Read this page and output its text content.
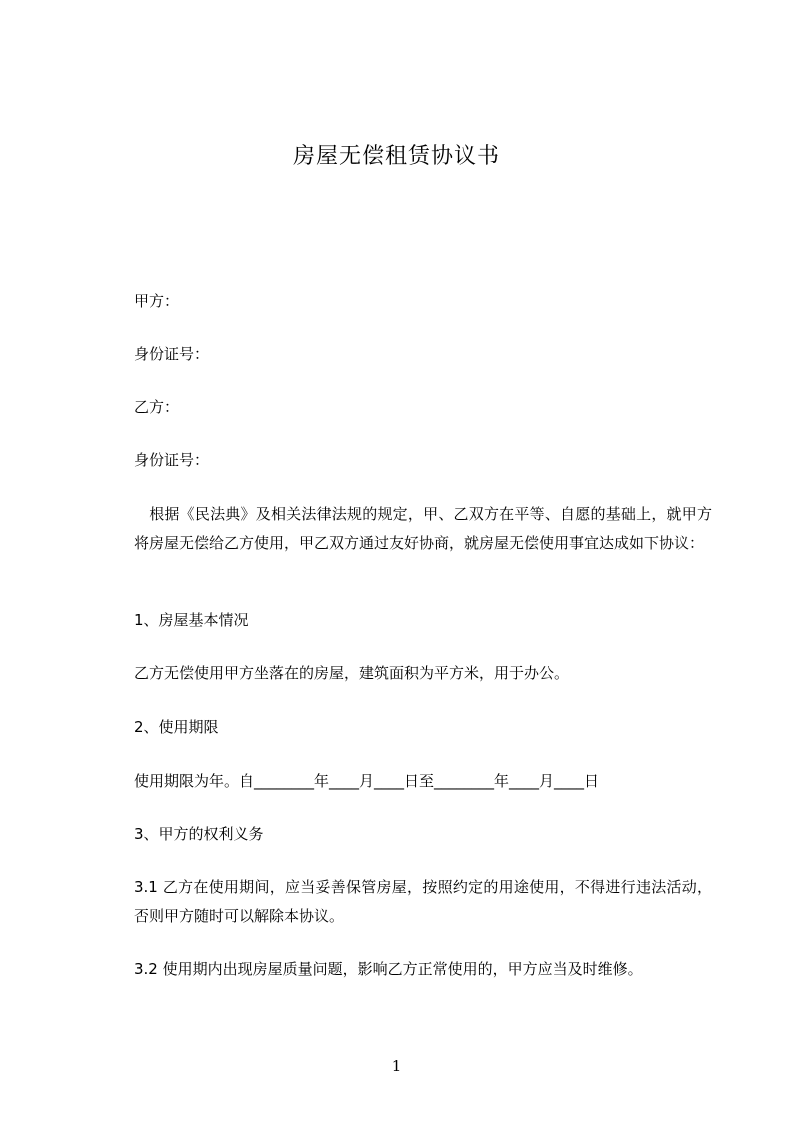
房屋无偿租赁协议书
甲方：
身份证号：
乙方：
身份证号：
　根据《民法典》及相关法律法规的规定，甲、乙双方在平等、自愿的基础上，就甲方将房屋无偿给乙方使用，甲乙双方通过友好协商，就房屋无偿使用事宜达成如下协议：
1、房屋基本情况
乙方无偿使用甲方坐落在的房屋，建筑面积为平方米，用于办公。
2、使用期限
使用期限为年。自________年____月____日至________年____月____日
3、甲方的权利义务
3.1 乙方在使用期间，应当妥善保管房屋，按照约定的用途使用，不得进行违法活动，否则甲方随时可以解除本协议。
3.2 使用期内出现房屋质量问题，影响乙方正常使用的，甲方应当及时维修。
1
